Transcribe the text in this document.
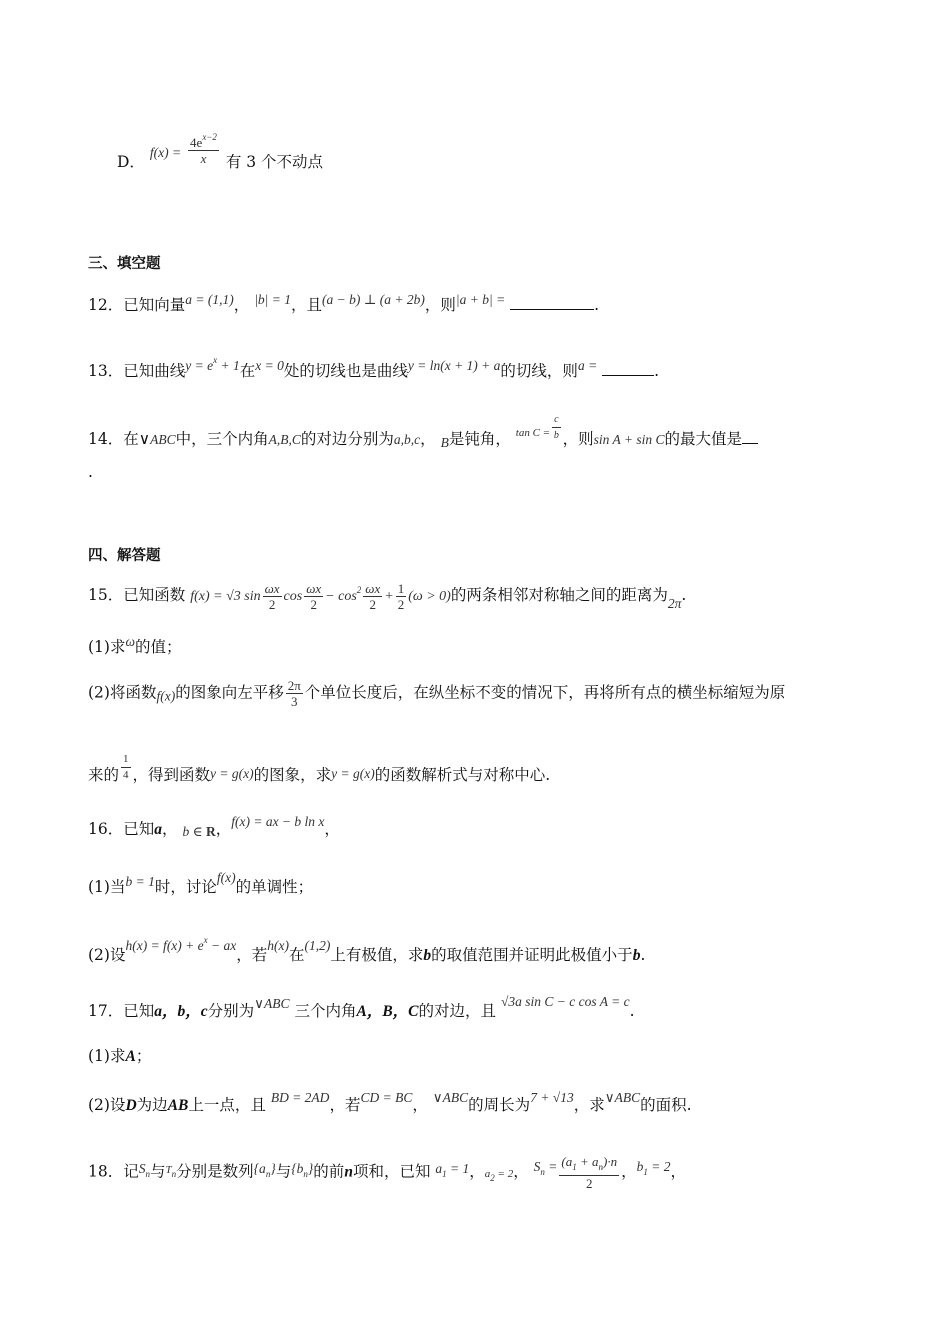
D． $f(x) = \frac{4e^{x-2}}{x}$ 有 3 个不动点
三、填空题
12．已知向量a = (1,1)， |b| = 1，且(a − b) ⊥ (a + 2b)，则|a + b| =	.
13．已知曲线$y = e^x + 1$在x = 0处的切线也是曲线y = ln(x + 1) + a的切线，则a =	.
14．在∨ABC中，三个内角A,B,C的对边分别为a,b,c， B是钝角， $^{tan C =} \frac{c}{b}$ ，则sin A + sin C的最大值是
.
四、解答题
15．已知函数 f(x) = √3 $\sin \frac{\omega x}{2}$ $\cos \frac{\omega x}{2} - \cos^2 \frac{\omega x}{2} + \frac{1}{2} (\omega > 0)$的两条相邻对称轴之间的距离为2π.
(1)求ω的值；
(2)将函数f(x)的图象向左平移 $\frac{2\pi}{3}$ 个单位长度后，在纵坐标不变的情况下，再将所有点的横坐标缩短为原
来的 $\frac{1}{4}$ ，得到函数y = g(x)的图象，求y = g(x)的函数解析式与对称中心.
16．已知a， b ∈ R，f(x) = ax − b ln x，
(1)当b = 1时，讨论f(x)的单调性；
(2)设$h(x) = f(x) + e^x$ − ax，若h(x)在(1,2)上有极值，求b的取值范围并证明此极值小于b.
17．已知a，b，c分别为∨ABC 三个内角A，B，C的对边，且 √3a sin C − c cos A = c.
(1)求A；
(2)设D为边AB上一点，且 BD = 2AD，若CD = BC， ∨ABC的周长为7 + √13，求∨ABC的面积.
18．记$S_n$与$^{T_n}$分别是数列$\{a_n\}$与$\{b_n\}$的前n项和，已知 $a_1 = 1$，$a_2 = 2$， $S_n = \frac{(a_1 + a_n)\cdot n}{2}$ ，$b_1 = 2$，
